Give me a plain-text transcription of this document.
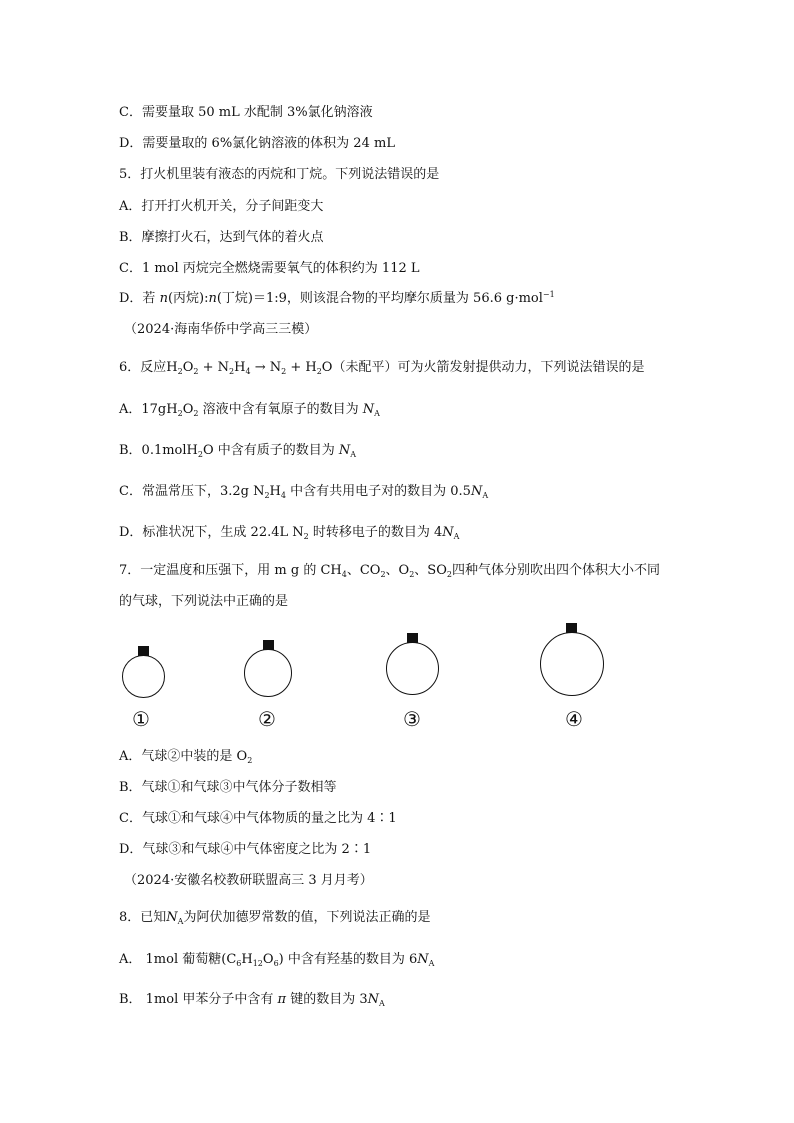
C．需要量取 50 mL 水配制 3%氯化钠溶液
D．需要量取的 6%氯化钠溶液的体积为 24 mL
5．打火机里装有液态的丙烷和丁烷。下列说法错误的是
A．打开打火机开关，分子间距变大
B．摩擦打火石，达到气体的着火点
C．1 mol 丙烷完全燃烧需要氧气的体积约为 112 L
D．若 n(丙烷):n(丁烷)＝1:9，则该混合物的平均摩尔质量为 56.6 g·mol$^{-1}$
（2024·海南华侨中学高三三模）
6．反应$H_2O_2 + N_2H_4 \to N_2 + H_2O$（未配平）可为火箭发射提供动力，下列说法错误的是
A．$17gH_2O_2$ 溶液中含有氧原子的数目为 $N_A$
B．0.1molH$_2$O 中含有质子的数目为 $N_A$
C．常温常压下，3.2g $N_2H_4$ 中含有共用电子对的数目为 $0.5N_A$
D．标准状况下，生成 22.4L $N_2$ 时转移电子的数目为 $4N_A$
7．一定温度和压强下，用 m g 的 $CH_4$、$CO_2$、$O_2$、$SO_2$四种气体分别吹出四个体积大小不同
的气球，下列说法中正确的是
①	②	③	④
A．气球②中装的是 $O_2$
B．气球①和气球③中气体分子数相等
C．气球①和气球④中气体物质的量之比为 4∶1
D．气球③和气球④中气体密度之比为 2∶1
（2024·安徽名校教研联盟高三 3 月月考）
8．已知$N_A$为阿伏加德罗常数的值，下列说法正确的是
A． 1mol 葡萄糖$(C_6H_{12}O_6)$ 中含有羟基的数目为 $6N_A$
B． 1mol 甲苯分子中含有 π 键的数目为 $3N_A$
